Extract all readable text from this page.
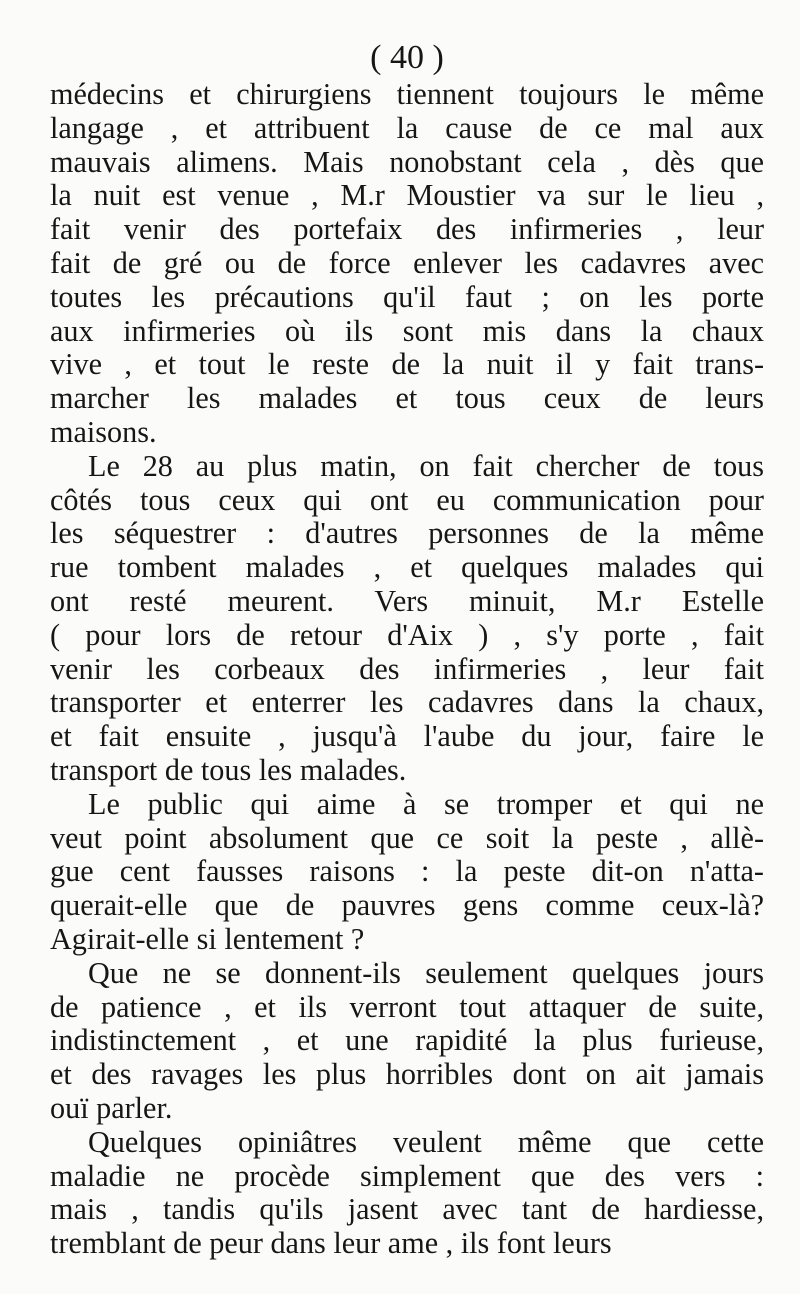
( 40 )
médecins et chirurgiens tiennent toujours le même
langage , et attribuent la cause de ce mal aux
mauvais alimens. Mais nonobstant cela , dès que
la nuit est venue , M.r Moustier va sur le lieu ,
fait venir des portefaix des infirmeries , leur
fait de gré ou de force enlever les cadavres avec
toutes les précautions qu'il faut ; on les porte
aux infirmeries où ils sont mis dans la chaux
vive , et tout le reste de la nuit il y fait trans-
marcher les malades et tous ceux de leurs
maisons.
Le 28 au plus matin, on fait chercher de tous
côtés tous ceux qui ont eu communication pour
les séquestrer : d'autres personnes de la même
rue tombent malades , et quelques malades qui
ont resté meurent. Vers minuit, M.r Estelle
( pour lors de retour d'Aix ) , s'y porte , fait
venir les corbeaux des infirmeries , leur fait
transporter et enterrer les cadavres dans la chaux,
et fait ensuite , jusqu'à l'aube du jour, faire le
transport de tous les malades.
Le public qui aime à se tromper et qui ne
veut point absolument que ce soit la peste , allè-
gue cent fausses raisons : la peste dit-on n'atta-
querait-elle que de pauvres gens comme ceux-là?
Agirait-elle si lentement ?
Que ne se donnent-ils seulement quelques jours
de patience , et ils verront tout attaquer de suite,
indistinctement , et une rapidité la plus furieuse,
et des ravages les plus horribles dont on ait jamais
ouï parler.
Quelques opiniâtres veulent même que cette
maladie ne procède simplement que des vers :
mais , tandis qu'ils jasent avec tant de hardiesse,
tremblant de peur dans leur ame , ils font leurs
